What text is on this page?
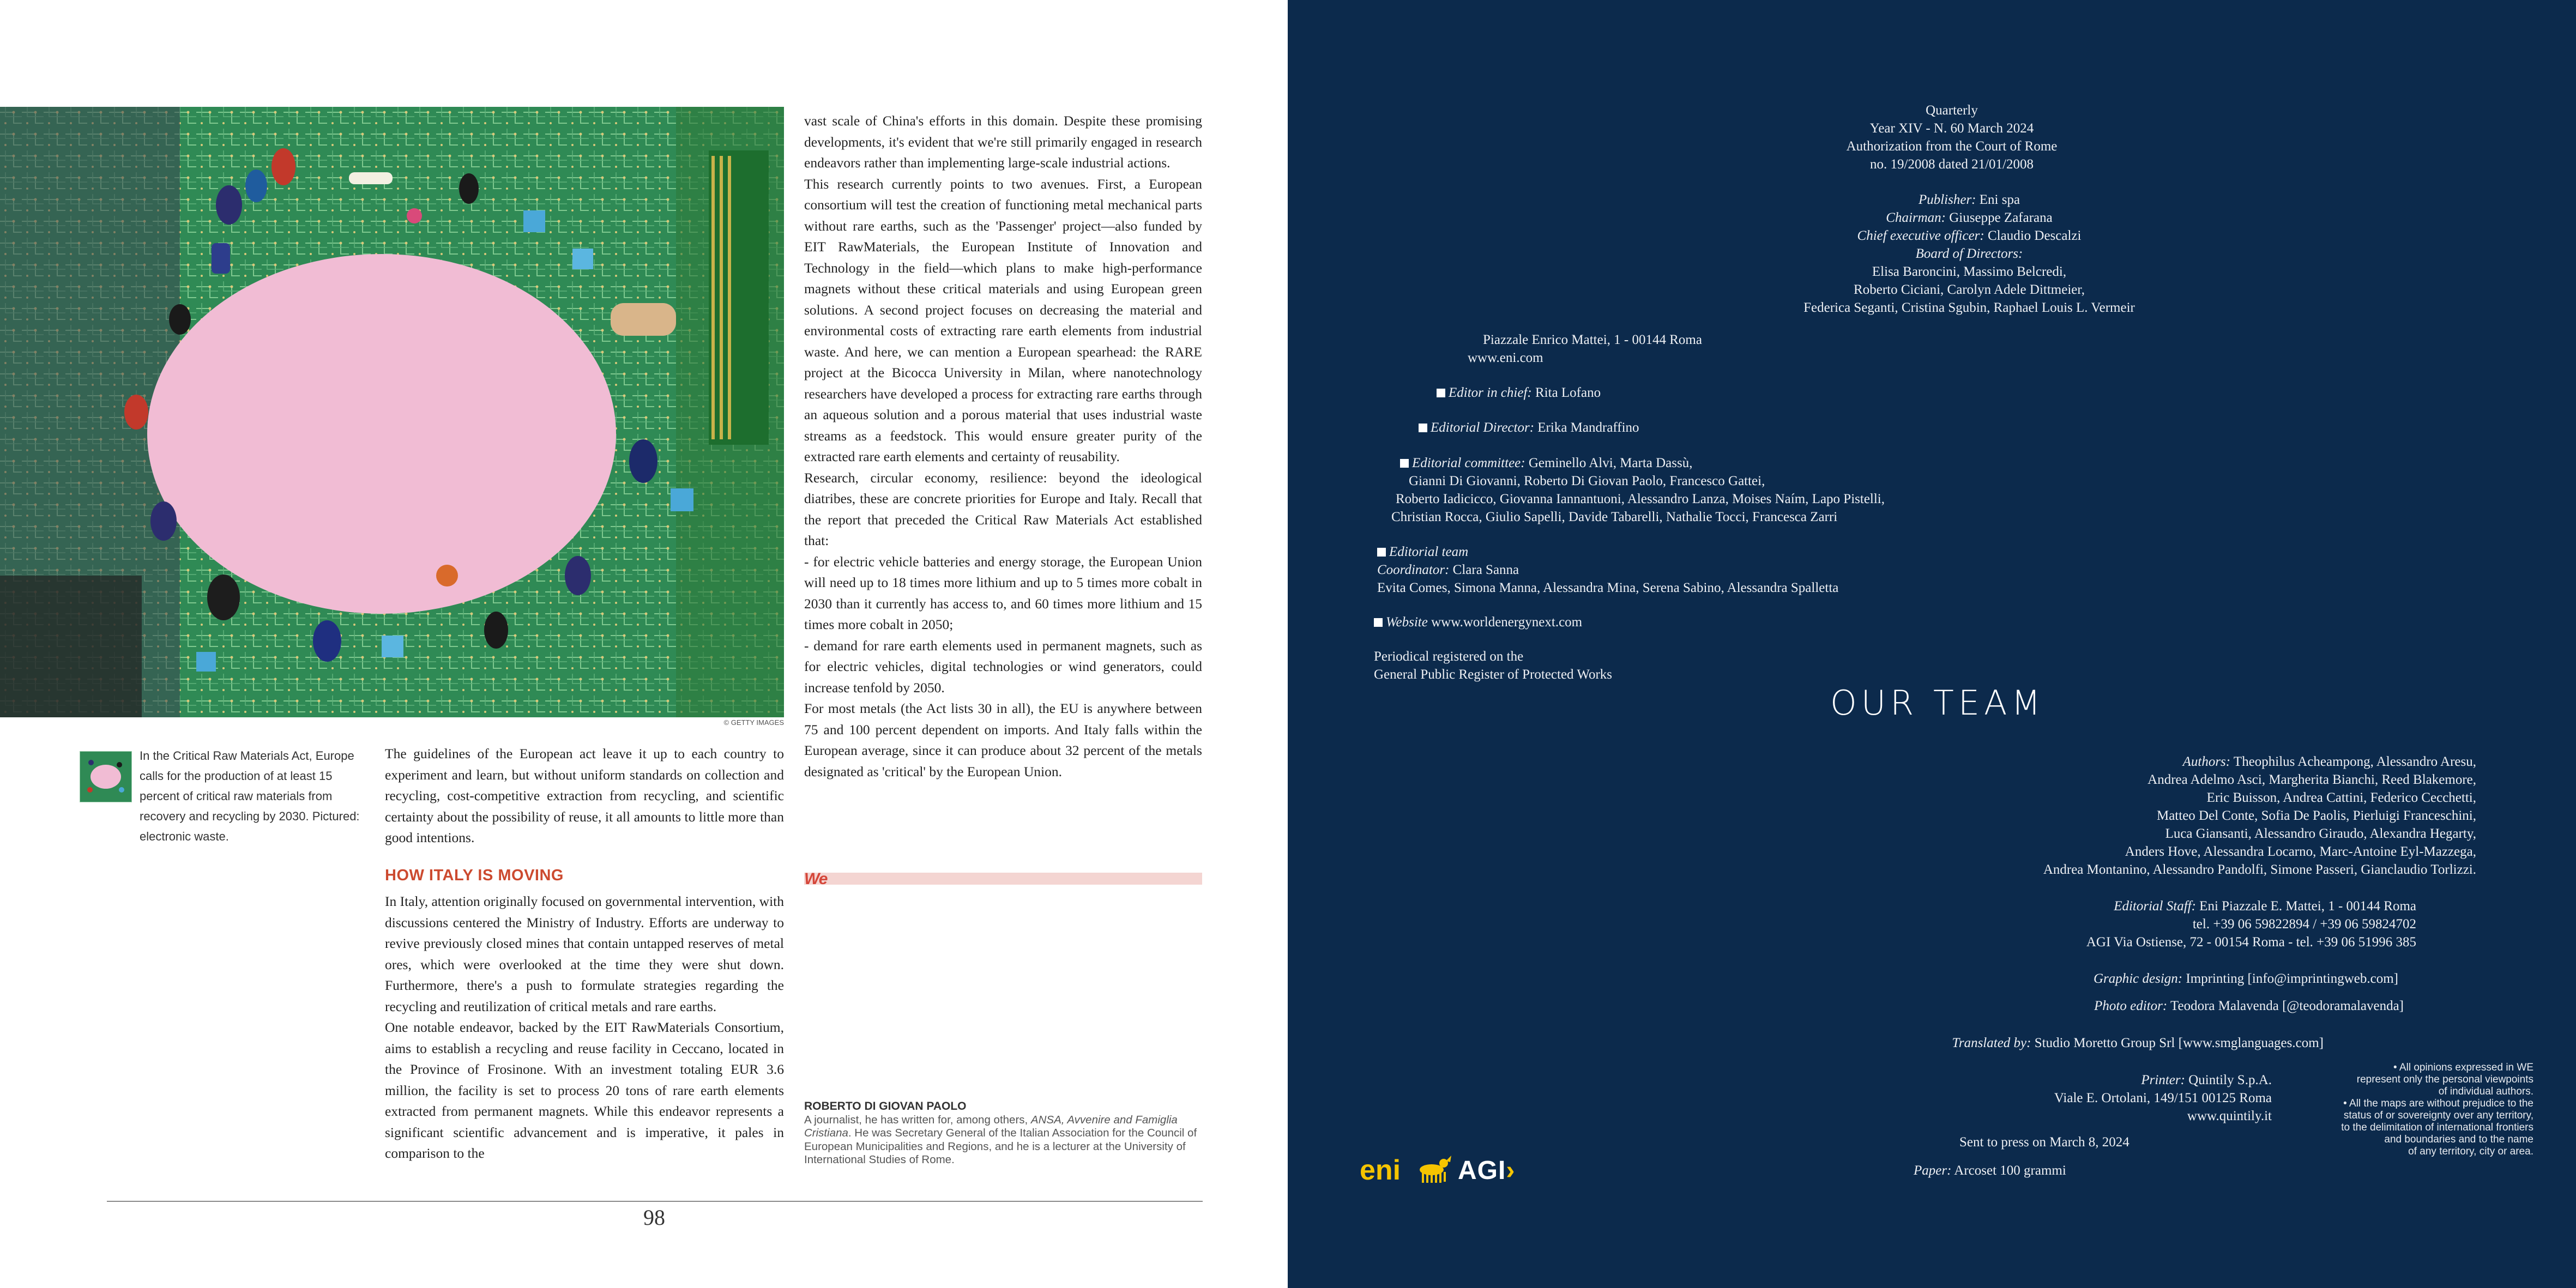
© GETTY IMAGES
In the Critical Raw Materials Act, Europe calls for the production of at least 15 percent of critical raw materials from recovery and recycling by 2030. Pictured: electronic waste.

The guidelines of the European act leave it up to each country to experiment and learn, but without uniform standards on collection and recycling, cost-competitive extraction from recycling, and scientific certainty about the possibility of reuse, it all amounts to little more than good intentions.

HOW ITALY IS MOVING

In Italy, attention originally focused on governmental intervention, with discussions centered the Ministry of Industry. Efforts are underway to revive previously closed mines that contain untapped reserves of metal ores, which were overlooked at the time they were shut down. Furthermore, there's a push to formulate strategies regarding the recycling and reutilization of critical metals and rare earths.

One notable endeavor, backed by the EIT RawMaterials Consortium, aims to establish a recycling and reuse facility in Ceccano, located in the Province of Frosinone. With an investment totaling EUR 3.6 million, the facility is set to process 20 tons of rare earth elements extracted from permanent magnets. While this endeavor represents a significant scientific advancement and is imperative, it pales in comparison to the

vast scale of China's efforts in this domain. Despite these promising developments, it's evident that we're still primarily engaged in research endeavors rather than implementing large-scale industrial actions.

This research currently points to two avenues. First, a European consortium will test the creation of functioning metal mechanical parts without rare earths, such as the 'Passenger' project—also funded by EIT RawMaterials, the European Institute of Innovation and Technology in the field—which plans to make high-performance magnets without these critical materials and using European green solutions. A second project focuses on decreasing the material and environmental costs of extracting rare earth elements from industrial waste. And here, we can mention a European spearhead: the RARE project at the Bicocca University in Milan, where nanotechnology researchers have developed a process for extracting rare earths through an aqueous solution and a porous material that uses industrial waste streams as a feedstock. This would ensure greater purity of the extracted rare earth elements and certainty of reusability.

Research, circular economy, resilience: beyond the ideological diatribes, these are concrete priorities for Europe and Italy. Recall that the report that preceded the Critical Raw Materials Act established that:

- for electric vehicle batteries and energy storage, the European Union will need up to 18 times more lithium and up to 5 times more cobalt in 2030 than it currently has access to, and 60 times more lithium and 15 times more cobalt in 2050;

- demand for rare earth elements used in permanent magnets, such as for electric vehicles, digital technologies or wind generators, could increase tenfold by 2050.

For most metals (the Act lists 30 in all), the EU is anywhere between 75 and 100 percent dependent on imports. And Italy falls within the European average, since it can produce about 32 percent of the metals designated as 'critical' by the European Union.

We
ROBERTO DI GIOVAN PAOLO
A journalist, he has written for, among others, ANSA, Avvenire and Famiglia Cristiana. He was Secretary General of the Italian Association for the Council of European Municipalities and Regions, and he is a lecturer at the University of International Studies of Rome.
98
Quarterly
Year XIV - N. 60 March 2024
Authorization from the Court of Rome
no. 19/2008 dated 21/01/2008
Publisher: Eni spa
Chairman: Giuseppe Zafarana
Chief executive officer: Claudio Descalzi
Board of Directors:
Elisa Baroncini, Massimo Belcredi,
Roberto Ciciani, Carolyn Adele Dittmeier,
Federica Seganti, Cristina Sgubin, Raphael Louis L. Vermeir
Piazzale Enrico Mattei, 1 - 00144 Roma
www.eni.com
Editor in chief: Rita Lofano
Editorial Director: Erika Mandraffino
Editorial committee: Geminello Alvi, Marta Dassù,
Gianni Di Giovanni, Roberto Di Giovan Paolo, Francesco Gattei,
Roberto Iadicicco, Giovanna Iannantuoni, Alessandro Lanza, Moises Naím, Lapo Pistelli,
Christian Rocca, Giulio Sapelli, Davide Tabarelli, Nathalie Tocci, Francesca Zarri
Editorial team
Coordinator: Clara Sanna
Evita Comes, Simona Manna, Alessandra Mina, Serena Sabino, Alessandra Spalletta
Website www.worldenergynext.com
Periodical registered on the
General Public Register of Protected Works
OUR TEAM
Authors: Theophilus Acheampong, Alessandro Aresu,
Andrea Adelmo Asci, Margherita Bianchi, Reed Blakemore,
Eric Buisson, Andrea Cattini, Federico Cecchetti,
Matteo Del Conte, Sofia De Paolis, Pierluigi Franceschini,
Luca Giansanti, Alessandro Giraudo, Alexandra Hegarty,
Anders Hove, Alessandra Locarno, Marc-Antoine Eyl-Mazzega,
Andrea Montanino, Alessandro Pandolfi, Simone Passeri, Gianclaudio Torlizzi.
Editorial Staff: Eni Piazzale E. Mattei, 1 - 00144 Roma
tel. +39 06 59822894 / +39 06 59824702
AGI Via Ostiense, 72 - 00154 Roma - tel. +39 06 51996 385
Graphic design: Imprinting [info@imprintingweb.com]
Photo editor: Teodora Malavenda [@teodoramalavenda]
Translated by: Studio Moretto Group Srl [www.smglanguages.com]
Printer: Quintily S.p.A.
Viale E. Ortolani, 149/151 00125 Roma
www.quintily.it
Sent to press on March 8, 2024
Paper: Arcoset 100 grammi
• All opinions expressed in WE
represent only the personal viewpoints
of individual authors.
• All the maps are without prejudice to the
status of or sovereignty over any territory,
to the delimitation of international frontiers
and boundaries and to the name
of any territory, city or area.
eni AGI›
